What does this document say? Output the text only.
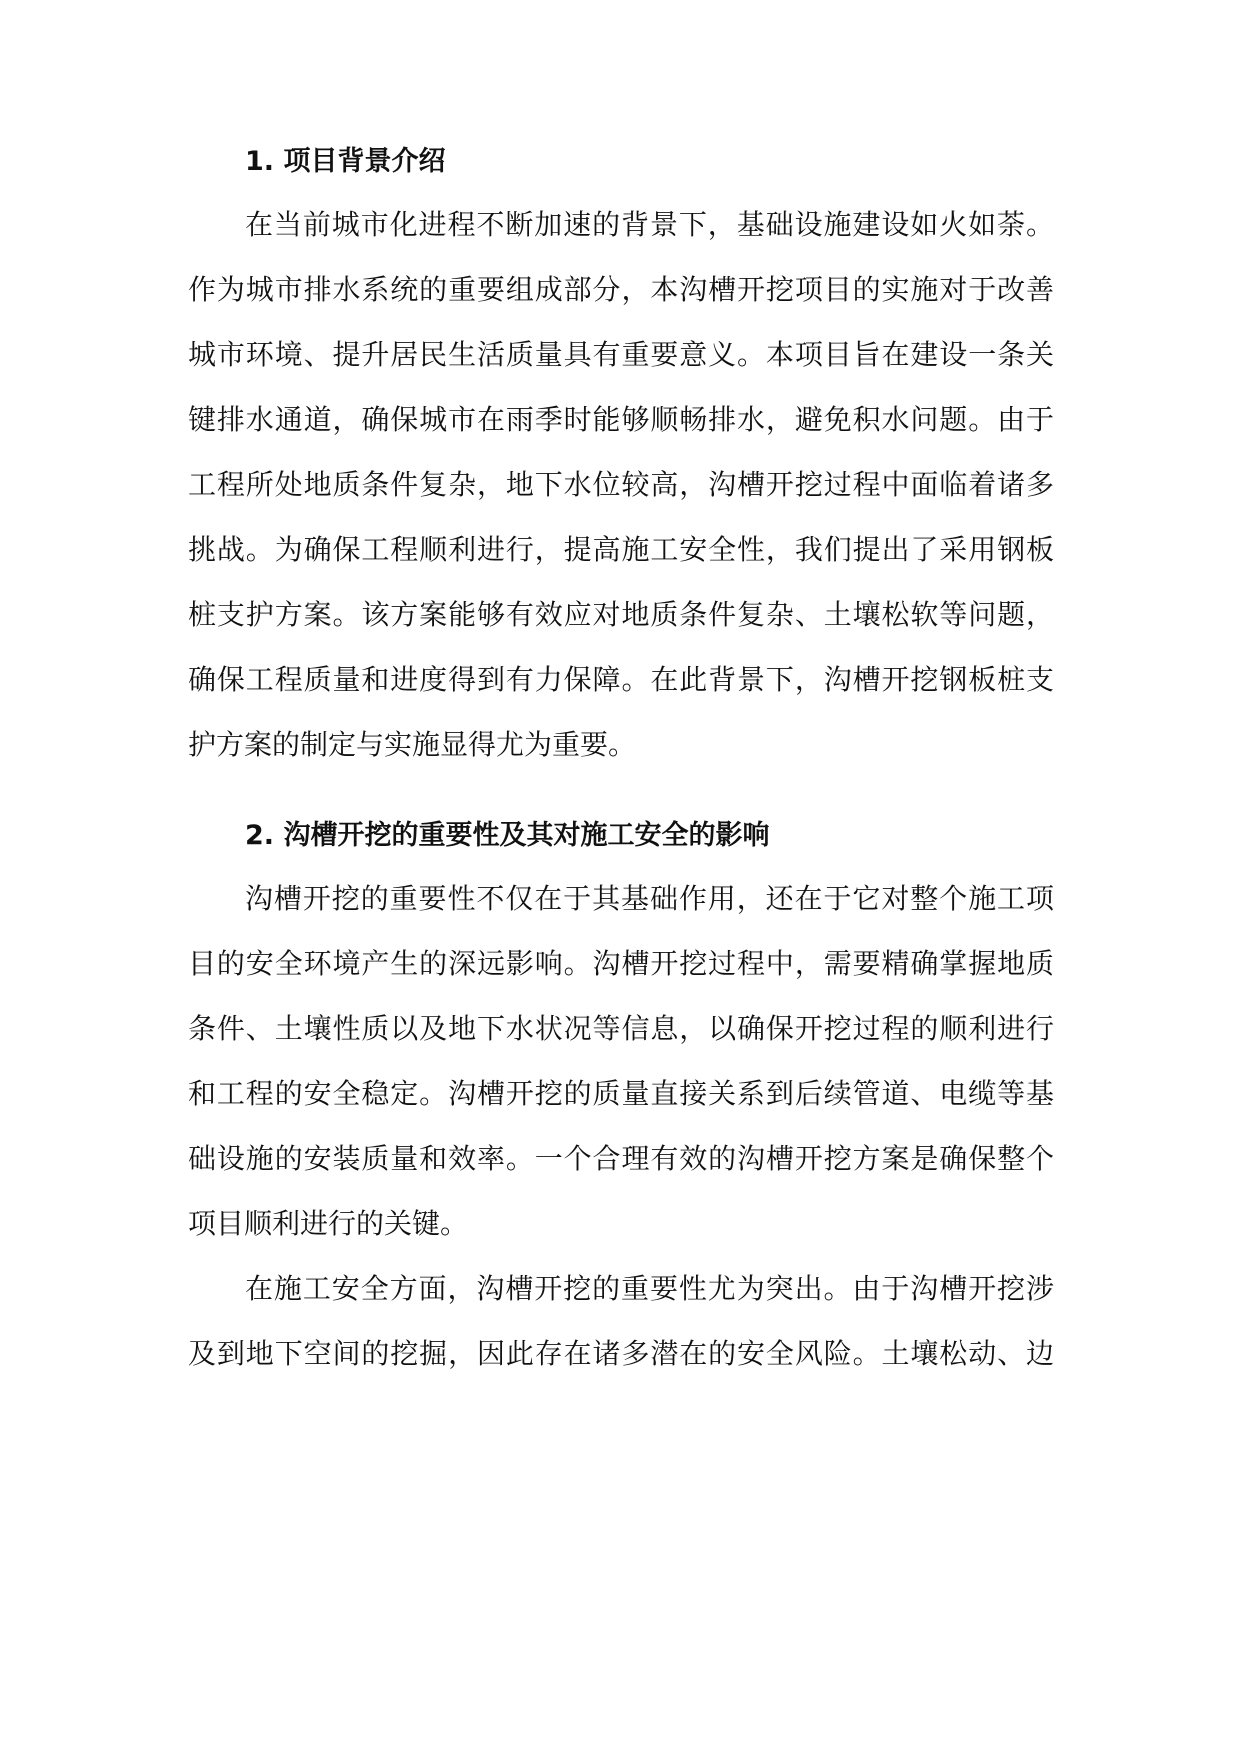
1. 项目背景介绍
在当前城市化进程不断加速的背景下，基础设施建设如火如荼。
作为城市排水系统的重要组成部分，本沟槽开挖项目的实施对于改善
城市环境、提升居民生活质量具有重要意义。本项目旨在建设一条关
键排水通道，确保城市在雨季时能够顺畅排水，避免积水问题。由于
工程所处地质条件复杂，地下水位较高，沟槽开挖过程中面临着诸多
挑战。为确保工程顺利进行，提高施工安全性，我们提出了采用钢板
桩支护方案。该方案能够有效应对地质条件复杂、土壤松软等问题，
确保工程质量和进度得到有力保障。在此背景下，沟槽开挖钢板桩支
护方案的制定与实施显得尤为重要。
2. 沟槽开挖的重要性及其对施工安全的影响
沟槽开挖的重要性不仅在于其基础作用，还在于它对整个施工项
目的安全环境产生的深远影响。沟槽开挖过程中，需要精确掌握地质
条件、土壤性质以及地下水状况等信息，以确保开挖过程的顺利进行
和工程的安全稳定。沟槽开挖的质量直接关系到后续管道、电缆等基
础设施的安装质量和效率。一个合理有效的沟槽开挖方案是确保整个
项目顺利进行的关键。
在施工安全方面，沟槽开挖的重要性尤为突出。由于沟槽开挖涉
及到地下空间的挖掘，因此存在诸多潜在的安全风险。土壤松动、边
